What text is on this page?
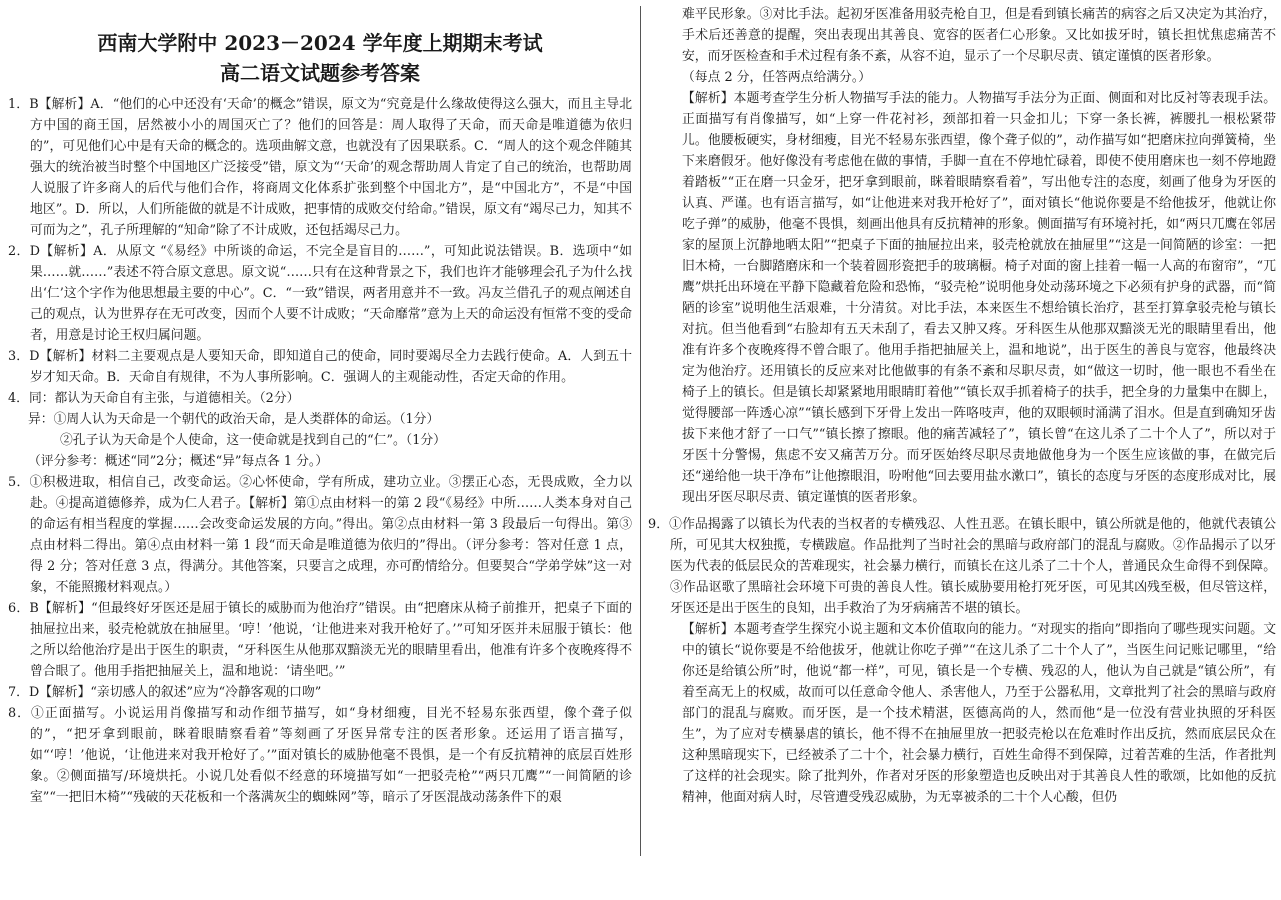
西南大学附中 2023－2024 学年度上期期末考试
高二语文试题参考答案

1．B【解析】A．“他们的心中还没有‘天命’的概念”错误，原文为“究竟是什么缘故使得这么强大，而且主导北方中国的商王国，居然被小小的周国灭亡了？他们的回答是：周人取得了天命，而天命是唯道德为依归的”，可见他们心中是有天命的概念的。选项曲解文意，也就没有了因果联系。C．“周人的这个观念伴随其强大的统治被当时整个中国地区广泛接受”错，原文为“‘天命’的观念帮助周人肯定了自己的统治，也帮助周人说服了许多商人的后代与他们合作，将商周文化体系扩张到整个中国北方”，是“中国北方”，不是“中国地区”。D．所以，人们所能做的就是不计成败，把事情的成败交付给命。”错误，原文有“竭尽己力，知其不可而为之”，孔子所理解的“知命”除了不计成败，还包括竭尽己力。

2．D【解析】A．从原文 “《易经》中所谈的命运，不完全是盲目的……”，可知此说法错误。B．选项中“如果……就……”表述不符合原文意思。原文说“……只有在这种背景之下，我们也许才能够理会孔子为什么找出‘仁’这个字作为他思想最主要的中心”。C．“一致”错误，两者用意并不一致。冯友兰借孔子的观点阐述自己的观点，认为世界存在无可改变，因而个人要不计成败；“天命靡常”意为上天的命运没有恒常不变的受命者，用意是讨论王权归属问题。

3．D【解析】材料二主要观点是人要知天命，即知道自己的使命，同时要竭尽全力去践行使命。A．人到五十岁才知天命。B．天命自有规律，不为人事所影响。C．强调人的主观能动性，否定天命的作用。

4．同：都认为天命自有主张，与道德相关。（2分）

异：①周人认为天命是一个朝代的政治天命，是人类群体的命运。（1分）

②孔子认为天命是个人使命，这一使命就是找到自己的“仁”。（1分）

（评分参考：概述“同”2分；概述“异”每点各 1 分。）

5．①积极进取，相信自己，改变命运。②心怀使命，学有所成，建功立业。③摆正心态，无畏成败，全力以赴。④提高道德修养，成为仁人君子。【解析】第①点由材料一的第 2 段“《易经》中所……人类本身对自己的命运有相当程度的掌握……会改变命运发展的方向。”得出。第②点由材料一第 3 段最后一句得出。第③点由材料二得出。第④点由材料一第 1 段“而天命是唯道德为依归的”得出。（评分参考：答对任意 1 点，得 2 分；答对任意 3 点，得满分。其他答案，只要言之成理，亦可酌情给分。但要契合“学弟学妹”这一对象，不能照搬材料观点。）

6．B【解析】“但最终好牙医还是屈于镇长的威胁而为他治疗”错误。由“把磨床从椅子前推开，把桌子下面的抽屉拉出来，驳壳枪就放在抽屉里。‘哼！’他说，‘让他进来对我开枪好了。’”可知牙医并未屈服于镇长：他之所以给他治疗是出于医生的职责，“牙科医生从他那双黯淡无光的眼睛里看出，他准有许多个夜晚疼得不曾合眼了。他用手指把抽屉关上，温和地说：‘请坐吧。’”

7．D【解析】“亲切感人的叙述”应为“冷静客观的口吻”

8．①正面描写。小说运用肖像描写和动作细节描写，如“身材细瘦，目光不轻易东张西望，像个聋子似的”，“把牙拿到眼前，眯着眼睛察看着”等刻画了牙医异常专注的医者形象。还运用了语言描写，如“‘哼！’他说，‘让他进来对我开枪好了。’”面对镇长的威胁他毫不畏惧，是一个有反抗精神的底层百姓形象。②侧面描写/环境烘托。小说几处看似不经意的环境描写如“一把驳壳枪”“两只兀鹰”“一间简陋的诊室”“一把旧木椅”“残破的天花板和一个落满灰尘的蜘蛛网”等，暗示了牙医混战动荡条件下的艰

难平民形象。③对比手法。起初牙医准备用驳壳枪自卫，但是看到镇长痛苦的病容之后又决定为其治疗，手术后还善意的提醒，突出表现出其善良、宽容的医者仁心形象。又比如拔牙时，镇长担忧焦虑痛苦不安，而牙医检查和手术过程有条不紊，从容不迫，显示了一个尽职尽责、镇定谨慎的医者形象。

（每点 2 分，任答两点给满分。）

【解析】本题考查学生分析人物描写手法的能力。人物描写手法分为正面、侧面和对比反衬等表现手法。正面描写有肖像描写，如“上穿一件花衬衫，颈部扣着一只金扣儿；下穿一条长裤，裤腰扎一根松紧带儿。他腰板硬实，身材细瘦，目光不轻易东张西望，像个聋子似的”，动作描写如“把磨床拉向弹簧椅，坐下来磨假牙。他好像没有考虑他在做的事情，手脚一直在不停地忙碌着，即使不使用磨床也一刻不停地蹬着踏板”“正在磨一只金牙，把牙拿到眼前，眯着眼睛察看着”，写出他专注的态度，刻画了他身为牙医的认真、严谨。也有语言描写，如“让他进来对我开枪好了”，面对镇长“他说你要是不给他拔牙，他就让你吃子弹”的威胁，他毫不畏惧，刻画出他具有反抗精神的形象。侧面描写有环境衬托，如“两只兀鹰在邻居家的屋顶上沉静地晒太阳”“把桌子下面的抽屉拉出来，驳壳枪就放在抽屉里”“这是一间简陋的诊室：一把旧木椅，一台脚踏磨床和一个装着圆形瓷把手的玻璃橱。椅子对面的窗上挂着一幅一人高的布窗帘”，“兀鹰”烘托出环境在平静下隐藏着危险和恐怖，“驳壳枪”说明他身处动荡环境之下必须有护身的武器，而“简陋的诊室”说明他生活艰难，十分清贫。对比手法，本来医生不想给镇长治疗，甚至打算拿驳壳枪与镇长对抗。但当他看到“右脸却有五天未刮了，看去又肿又疼。牙科医生从他那双黯淡无光的眼睛里看出，他准有许多个夜晚疼得不曾合眼了。他用手指把抽屉关上，温和地说”，出于医生的善良与宽容，他最终决定为他治疗。还用镇长的反应来对比他做事的有条不紊和尽职尽责，如“做这一切时，他一眼也不看坐在椅子上的镇长。但是镇长却紧紧地用眼睛盯着他”“镇长双手抓着椅子的扶手，把全身的力量集中在脚上，觉得腰部一阵透心凉”“镇长感到下牙骨上发出一阵咯吱声，他的双眼顿时涌满了泪水。但是直到确知牙齿拔下来他才舒了一口气”“镇长擦了擦眼。他的痛苦减轻了”，镇长曾“在这儿杀了二十个人了”，所以对于牙医十分警惕，焦虑不安又痛苦万分。而牙医始终尽职尽责地做他身为一个医生应该做的事，在做完后还“递给他一块干净布”让他擦眼泪，吩咐他“回去要用盐水漱口”，镇长的态度与牙医的态度形成对比，展现出牙医尽职尽责、镇定谨慎的医者形象。

9．①作品揭露了以镇长为代表的当权者的专横残忍、人性丑恶。在镇长眼中，镇公所就是他的，他就代表镇公所，可见其大权独揽，专横跋扈。作品批判了当时社会的黑暗与政府部门的混乱与腐败。②作品揭示了以牙医为代表的低层民众的苦难现实，社会暴力横行，而镇长在这儿杀了二十个人，普通民众生命得不到保障。③作品讴歌了黑暗社会环境下可贵的善良人性。镇长威胁要用枪打死牙医，可见其凶残至极，但尽管这样，牙医还是出于医生的良知，出手救治了为牙病痛苦不堪的镇长。

【解析】本题考查学生探究小说主题和文本价值取向的能力。“对现实的指向”即指向了哪些现实问题。文中的镇长“说你要是不给他拔牙，他就让你吃子弹”“在这儿杀了二十个人了”，当医生问记账记哪里，“给你还是给镇公所”时，他说“都一样”，可见，镇长是一个专横、残忍的人，他认为自己就是“镇公所”，有着至高无上的权威，故而可以任意命令他人、杀害他人，乃至于公器私用，文章批判了社会的黑暗与政府部门的混乱与腐败。而牙医，是一个技术精湛，医德高尚的人，然而他“是一位没有营业执照的牙科医生”，为了应对专横暴虐的镇长，他不得不在抽屉里放一把驳壳枪以在危难时作出反抗，然而底层民众在这种黑暗现实下，已经被杀了二十个，社会暴力横行，百姓生命得不到保障，过着苦难的生活，作者批判了这样的社会现实。除了批判外，作者对牙医的形象塑造也反映出对于其善良人性的歌颂，比如他的反抗精神，他面对病人时，尽管遭受残忍威胁，为无辜被杀的二十个人心酸，但仍
